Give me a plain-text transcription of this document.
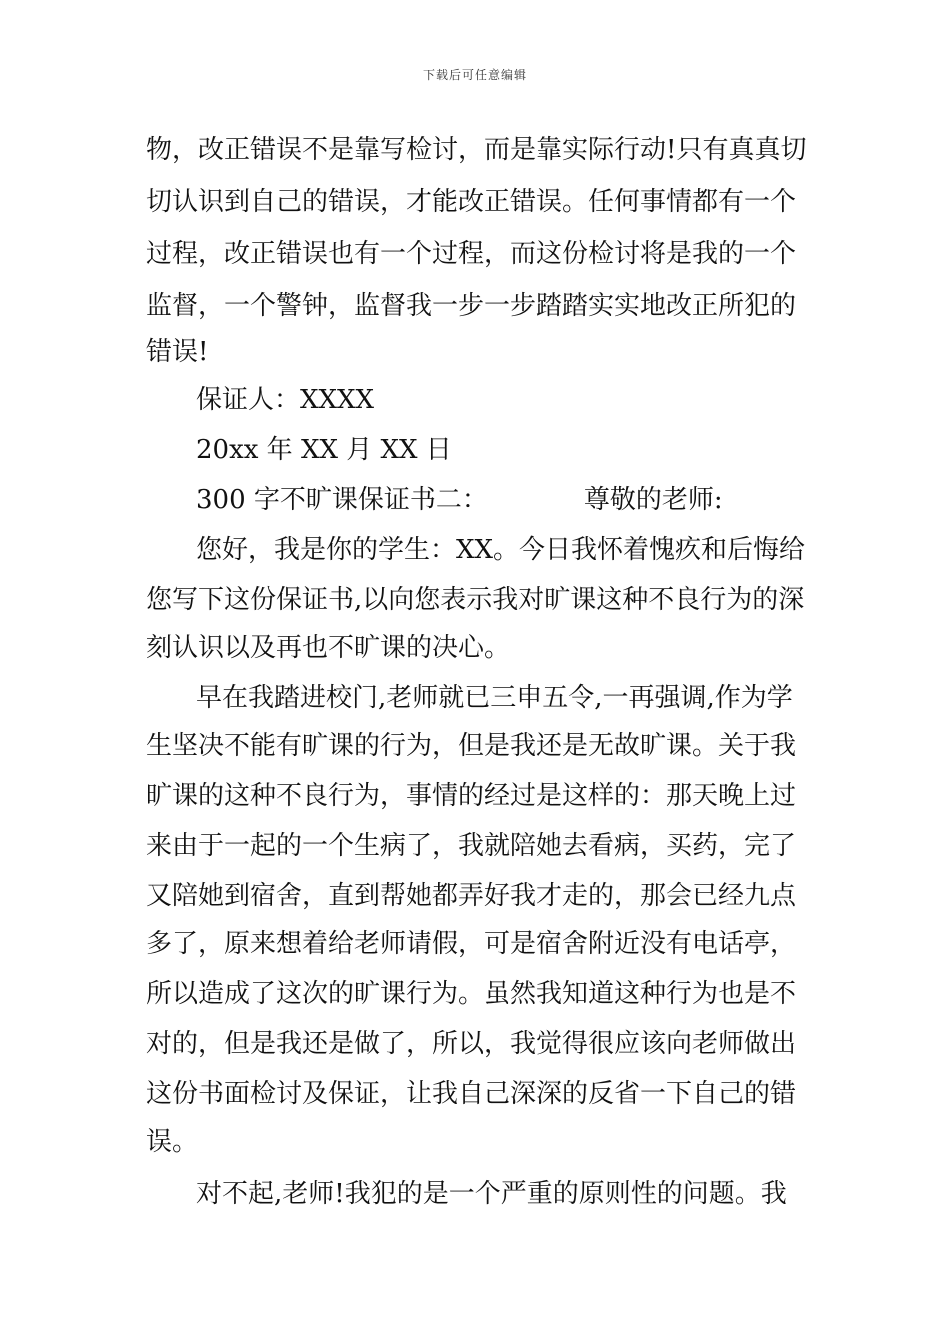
下载后可任意编辑
物，改正错误不是靠写检讨，而是靠实际行动!只有真真切
切认识到自己的错误，才能改正错误。任何事情都有一个
过程，改正错误也有一个过程，而这份检讨将是我的一个
监督，一个警钟，监督我一步一步踏踏实实地改正所犯的
错误!
保证人：XXXX
20xx 年 XX 月 XX 日
300 字不旷课保证书二：	尊敬的老师:
您好，我是你的学生：XX。今日我怀着愧疚和后悔给
您写下这份保证书,以向您表示我对旷课这种不良行为的深
刻认识以及再也不旷课的决心。
早在我踏进校门,老师就已三申五令,一再强调,作为学
生坚决不能有旷课的行为，但是我还是无故旷课。关于我
旷课的这种不良行为，事情的经过是这样的：那天晚上过
来由于一起的一个生病了，我就陪她去看病，买药，完了
又陪她到宿舍，直到帮她都弄好我才走的，那会已经九点
多了，原来想着给老师请假，可是宿舍附近没有电话亭，
所以造成了这次的旷课行为。虽然我知道这种行为也是不
对的，但是我还是做了，所以，我觉得很应该向老师做出
这份书面检讨及保证，让我自己深深的反省一下自己的错
误。
对不起,老师!我犯的是一个严重的原则性的问题。我
